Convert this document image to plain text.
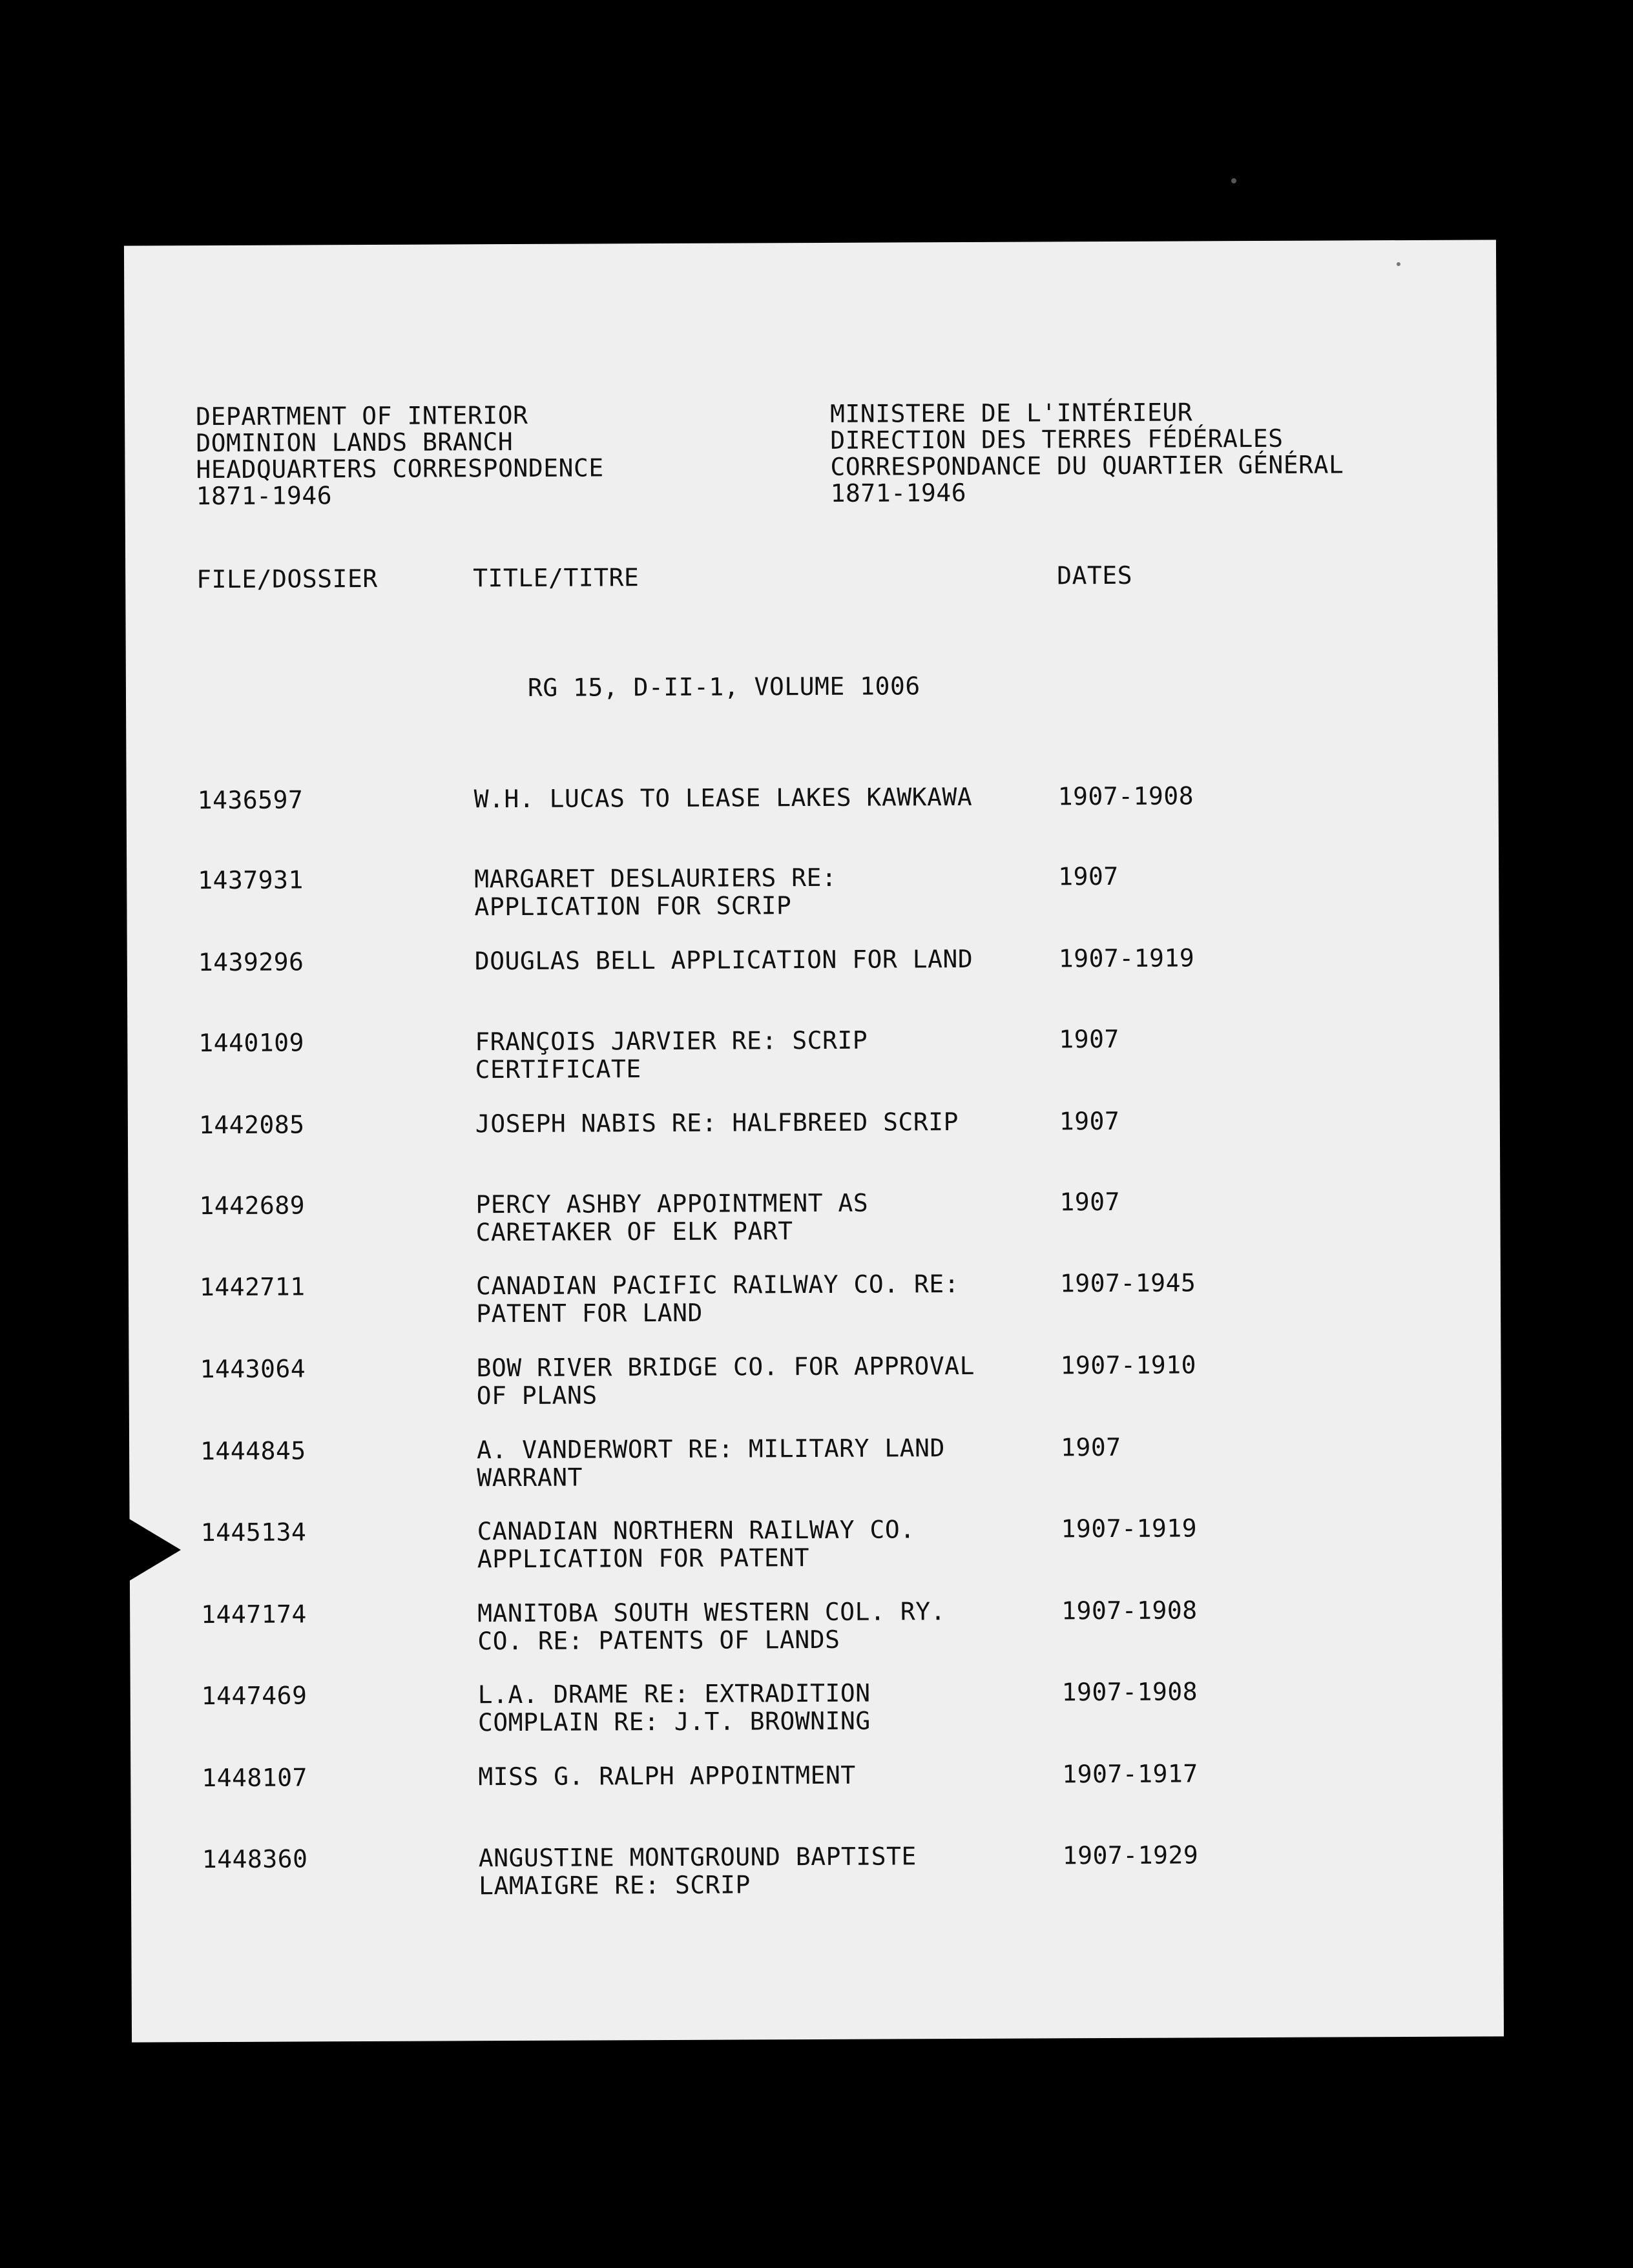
DEPARTMENT OF INTERIOR
DOMINION LANDS BRANCH
HEADQUARTERS CORRESPONDENCE
1871-1946
MINISTERE DE L'INTÉRIEUR
DIRECTION DES TERRES FÉDÉRALES
CORRESPONDANCE DU QUARTIER GÉNÉRAL
1871-1946
FILE/DOSSIER	TITLE/TITRE	DATES
RG 15, D-II-1, VOLUME 1006
1436597	W.H. LUCAS TO LEASE LAKES KAWKAWA	1907-1908
1437931	MARGARET DESLAURIERS RE:
APPLICATION FOR SCRIP
1907
1439296	DOUGLAS BELL APPLICATION FOR LAND	1907-1919
1440109	FRANÇOIS JARVIER RE: SCRIP
CERTIFICATE
1907
1442085	JOSEPH NABIS RE: HALFBREED SCRIP	1907
1442689	PERCY ASHBY APPOINTMENT AS
CARETAKER OF ELK PART
1907
1442711	CANADIAN PACIFIC RAILWAY CO. RE:
PATENT FOR LAND
1907-1945
1443064	BOW RIVER BRIDGE CO. FOR APPROVAL
OF PLANS
1907-1910
1444845	A. VANDERWORT RE: MILITARY LAND
WARRANT
1907
1445134	CANADIAN NORTHERN RAILWAY CO.
APPLICATION FOR PATENT
1907-1919
1447174	MANITOBA SOUTH WESTERN COL. RY.
CO. RE: PATENTS OF LANDS
1907-1908
1447469	L.A. DRAME RE: EXTRADITION
COMPLAIN RE: J.T. BROWNING
1907-1908
1448107	MISS G. RALPH APPOINTMENT	1907-1917
1448360	ANGUSTINE MONTGROUND BAPTISTE
LAMAIGRE RE: SCRIP
1907-1929
